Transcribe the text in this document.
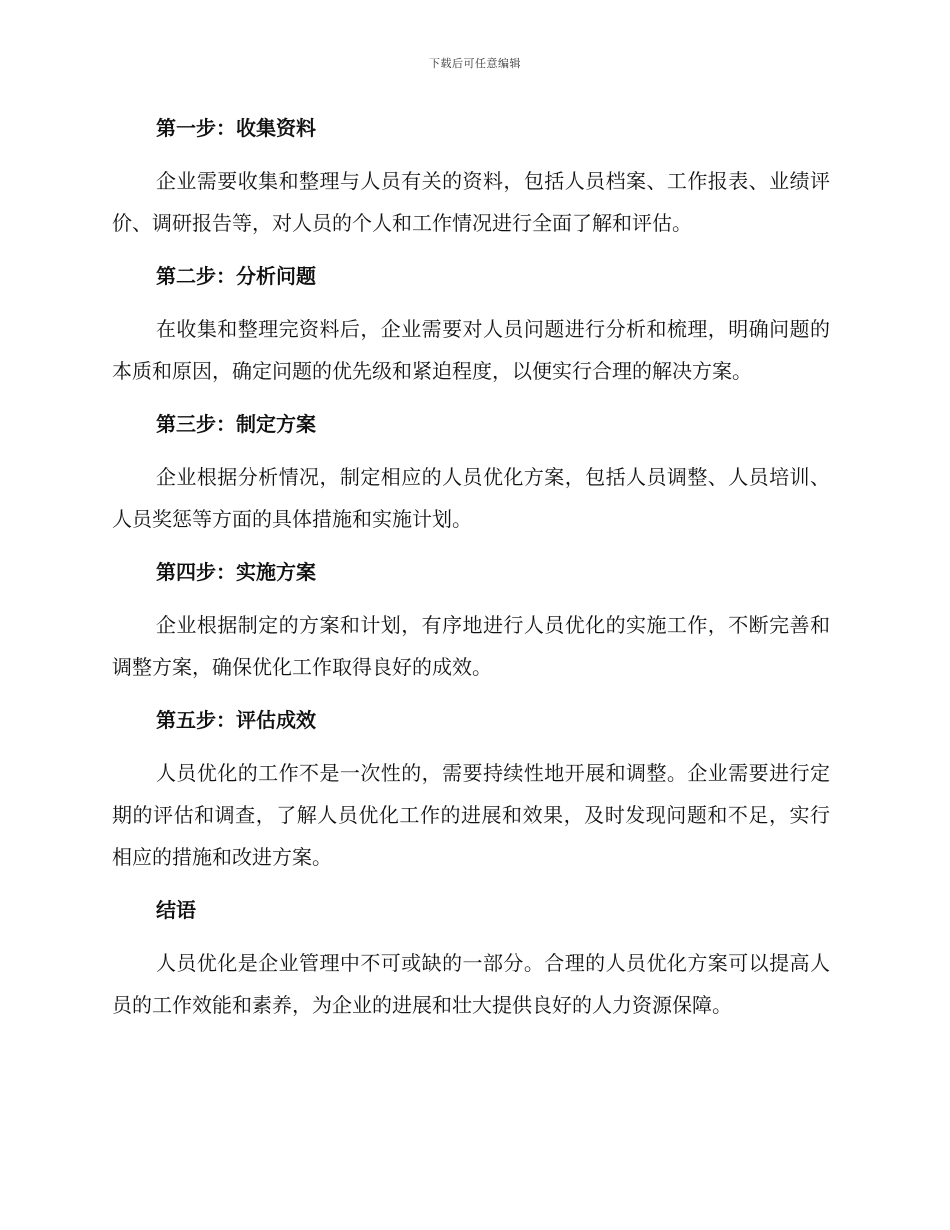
下载后可任意编辑
第一步：收集资料

企业需要收集和整理与人员有关的资料，包括人员档案、工作报表、业绩评价、调研报告等，对人员的个人和工作情况进行全面了解和评估。

第二步：分析问题

在收集和整理完资料后，企业需要对人员问题进行分析和梳理，明确问题的本质和原因，确定问题的优先级和紧迫程度，以便实行合理的解决方案。

第三步：制定方案

企业根据分析情况，制定相应的人员优化方案，包括人员调整、人员培训、人员奖惩等方面的具体措施和实施计划。

第四步：实施方案

企业根据制定的方案和计划，有序地进行人员优化的实施工作，不断完善和调整方案，确保优化工作取得良好的成效。

第五步：评估成效

人员优化的工作不是一次性的，需要持续性地开展和调整。企业需要进行定期的评估和调查，了解人员优化工作的进展和效果，及时发现问题和不足，实行相应的措施和改进方案。

结语

人员优化是企业管理中不可或缺的一部分。合理的人员优化方案可以提高人员的工作效能和素养，为企业的进展和壮大提供良好的人力资源保障。
